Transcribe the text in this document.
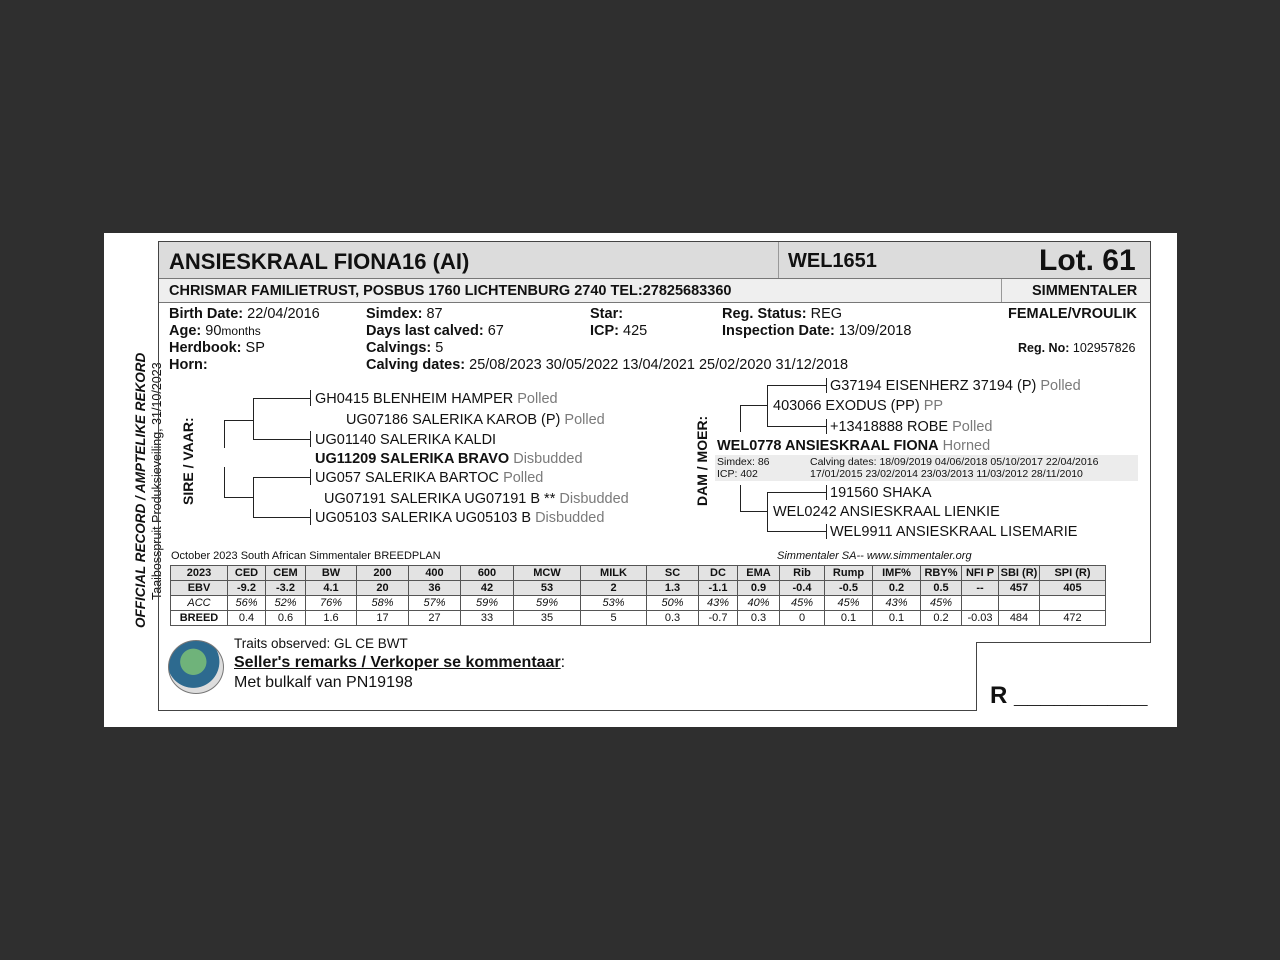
OFFICIAL RECORD / AMPTELIKE REKORD Taaibosspruit Produksieveiling, 31/10/2023
ANSIESKRAAL FIONA16 (AI)	WEL1651	Lot. 61
CHRISMAR FAMILIETRUST, POSBUS 1760 LICHTENBURG 2740 TEL:27825683360	SIMMENTALER
Birth Date: 22/04/2016
Age: 90months
Herdbook: SP
Horn:
Simdex: 87
Days last calved: 67
Calvings: 5
Calving dates: 25/08/2023 30/05/2022 13/04/2021 25/02/2020 31/12/2018
Star:
ICP: 425
Reg. Status: REG
Inspection Date: 13/09/2018
FEMALE/VROULIK
Reg. No: 102957826
SIRE / VAAR:
GH0415 BLENHEIM HAMPER Polled
UG07186 SALERIKA KAROB (P) Polled
UG01140 SALERIKA KALDI
UG11209 SALERIKA BRAVO Disbudded
UG057 SALERIKA BARTOC Polled
UG07191 SALERIKA UG07191 B ** Disbudded
UG05103 SALERIKA UG05103 B Disbudded
DAM / MOER:
G37194 EISENHERZ 37194 (P) Polled
403066 EXODUS (PP) PP
+13418888 ROBE Polled
WEL0778 ANSIESKRAAL FIONA Horned
Simdex: 86
ICP: 402
Calving dates: 18/09/2019 04/06/2018 05/10/2017 22/04/2016
17/01/2015 23/02/2014 23/03/2013 11/03/2012 28/11/2010
191560 SHAKA
WEL0242 ANSIESKRAAL LIENKIE
WEL9911 ANSIESKRAAL LISEMARIE
October 2023 South African Simmentaler BREEDPLAN	Simmentaler SA-- www.simmentaler.org
2023	CED	CEM	BW	200	400	600	MCW	MILK	SC	DC	EMA	Rib	Rump	IMF%	RBY%	NFI P	SBI (R)	SPI (R)
EBV	-9.2	-3.2	4.1	20	36	42	53	2	1.3	-1.1	0.9	-0.4	-0.5	0.2	0.5	--	457	405
ACC	56%	52%	76%	58%	57%	59%	59%	53%	50%	43%	40%	45%	45%	43%	45%			
BREED	0.4	0.6	1.6	17	27	33	35	5	0.3	-0.7	0.3	0	0.1	0.1	0.2	-0.03	484	472
Traits observed: GL CE BWT
Seller's remarks / Verkoper se kommentaar:
Met bulkalf van PN19198	R __________
